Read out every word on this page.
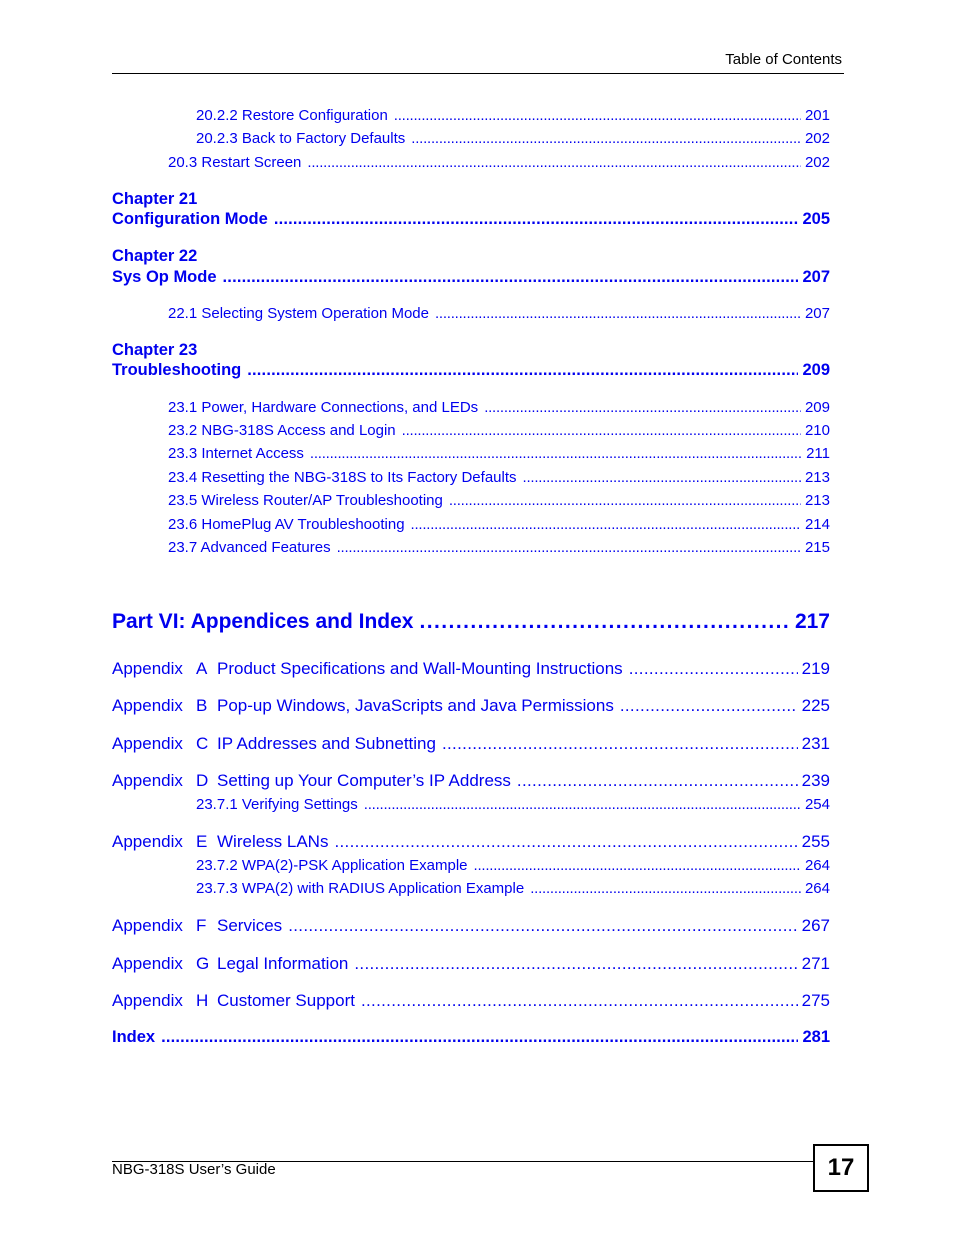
Table of Contents
20.2.2 Restore Configuration . . .	201
20.2.3 Back to Factory Defaults . . .	202
20.3 Restart Screen . . .	202
Chapter 21
Configuration Mode . . .	205
Chapter 22
Sys Op Mode . . .	207
22.1 Selecting System Operation Mode . . .	207
Chapter 23
Troubleshooting . . .	209
23.1 Power, Hardware Connections, and LEDs . . .	209
23.2 NBG-318S Access and Login . . .	210
23.3 Internet Access . . .	211
23.4 Resetting the NBG-318S to Its Factory Defaults . . .	213
23.5 Wireless Router/AP Troubleshooting . . .	213
23.6 HomePlug AV Troubleshooting . . .	214
23.7 Advanced Features . . .	215
Part VI: Appendices and Index . . .	217
Appendix A Product Specifications and Wall-Mounting Instructions . . .	219
Appendix B Pop-up Windows, JavaScripts and Java Permissions . . .	225
Appendix C IP Addresses and Subnetting . . .	231
Appendix D Setting up Your Computer’s IP Address . . .	239
23.7.1 Verifying Settings . . .	254
Appendix E Wireless LANs . . .	255
23.7.2 WPA(2)-PSK Application Example . . .	264
23.7.3 WPA(2) with RADIUS Application Example . . .	264
Appendix F Services . . .	267
Appendix G Legal Information . . .	271
Appendix H Customer Support . . .	275
Index . . .	281
NBG-318S User’s Guide	17
